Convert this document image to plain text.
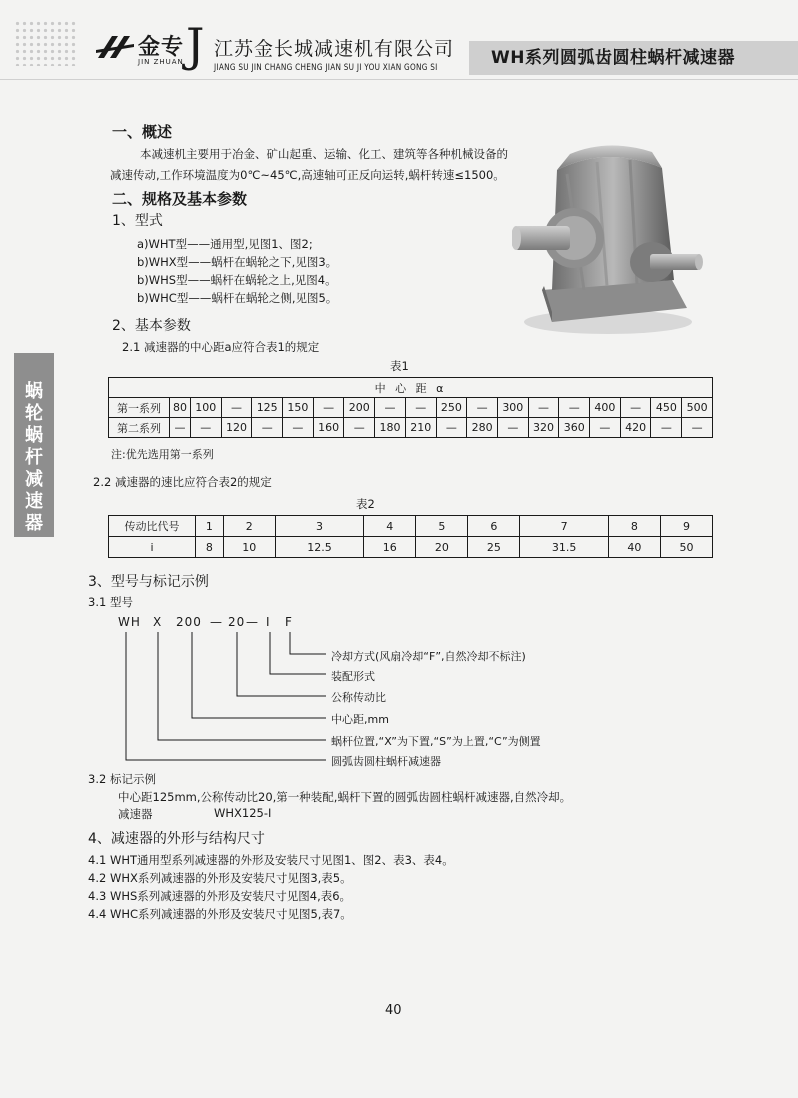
金专
JIN ZHUAN J 江苏金长城减速机有限公司
JIANG SU JIN CHANG CHENG JIAN SU JI YOU XIAN GONG SI	WH系列圆弧齿圆柱蜗杆减速器
蜗
轮
蜗
杆
减
速
器
一、概述
本减速机主要用于冶金、矿山起重、运输、化工、建筑等各种机械设备的
减速传动,工作环境温度为0℃~45℃,高速轴可正反向运转,蜗杆转速≤1500。
二、规格及基本参数
1、型式
a)WHT型——通用型,见图1、图2;
b)WHX型——蜗杆在蜗轮之下,见图3。
b)WHS型——蜗杆在蜗轮之上,见图4。
b)WHC型——蜗杆在蜗轮之侧,见图5。
2、基本参数
2.1 减速器的中心距a应符合表1的规定
表1
中 心 距 α																		
第一系列	80	100	—	125	150	—	200	—	—	250	—	300	—	—	400	—	450	500
第二系列	—	—	120	—	—	160	—	180	210	—	280	—	320	360	—	420	—	—
注:优先选用第一系列
2.2 减速器的速比应符合表2的规定
表2
传动比代号	1	2	3	4	5	6	7	8	9
i	8	10	12.5	16	20	25	31.5	40	50
3、型号与标记示例
3.1 型号
WH X 200 — 20 — I F
冷却方式(风扇冷却“F”,自然冷却不标注)
装配形式
公称传动比
中心距,mm
蜗杆位置,“X”为下置,“S”为上置,“C”为侧置
圆弧齿圆柱蜗杆减速器
3.2 标记示例
中心距125mm,公称传动比20,第一种装配,蜗杆下置的圆弧齿圆柱蜗杆减速器,自然冷却。
减速器	WHX125-I
4、减速器的外形与结构尺寸
4.1 WHT通用型系列减速器的外形及安装尺寸见图1、图2、表3、表4。
4.2 WHX系列减速器的外形及安装尺寸见图3,表5。
4.3 WHS系列减速器的外形及安装尺寸见图4,表6。
4.4 WHC系列减速器的外形及安装尺寸见图5,表7。
40
